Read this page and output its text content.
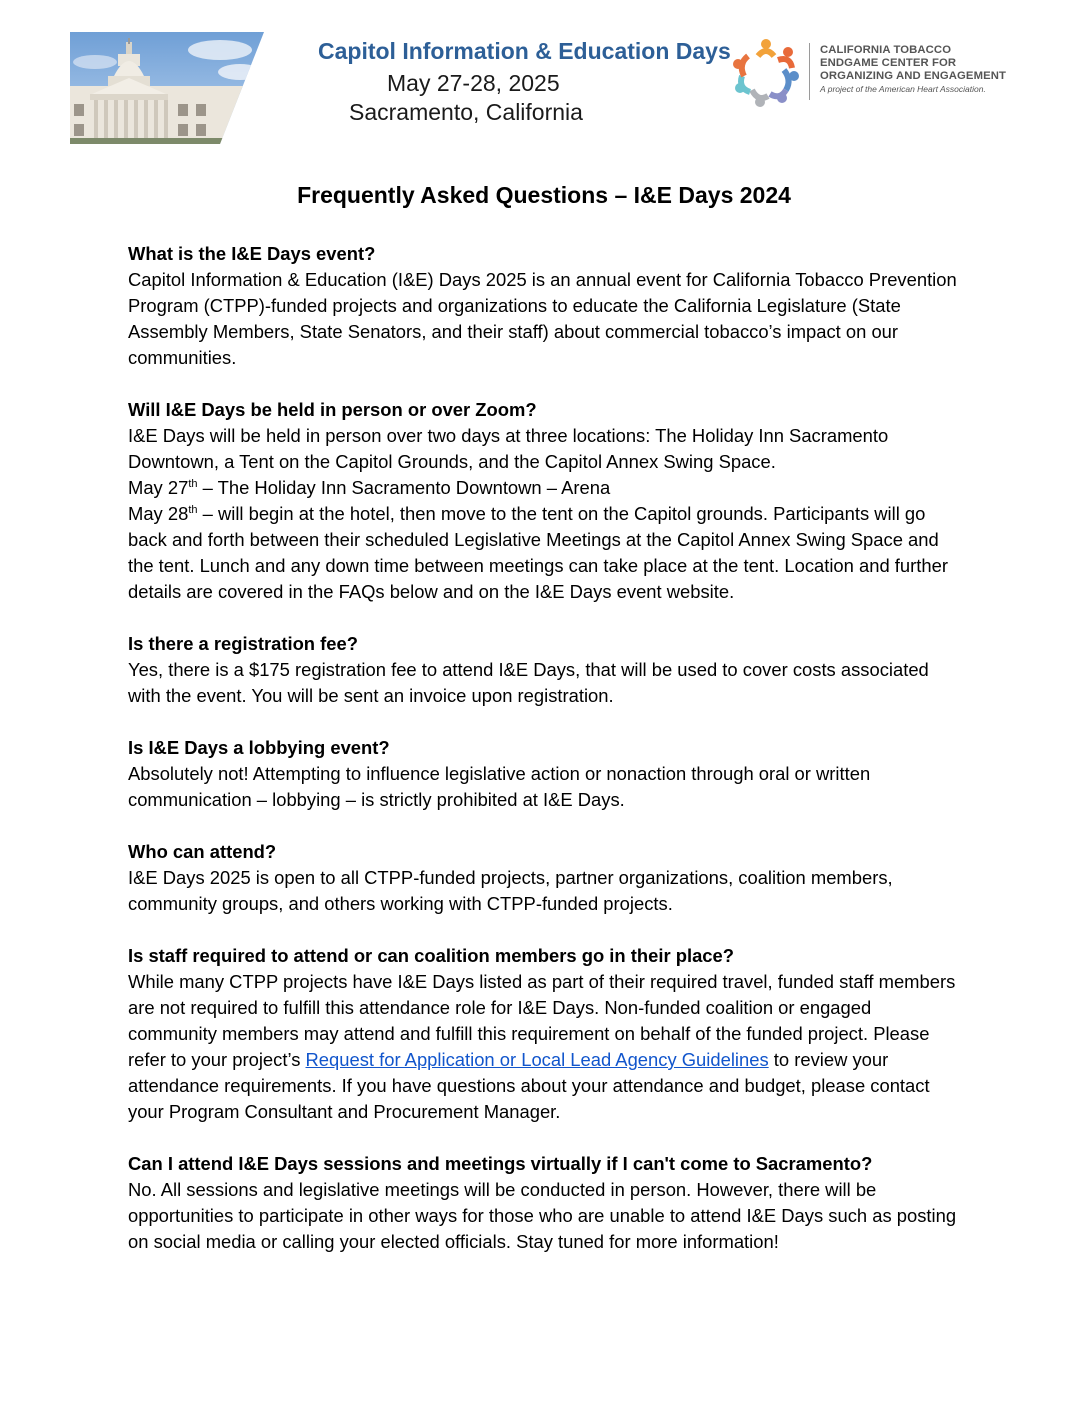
Capitol Information & Education Days
May 27-28, 2025
Sacramento, California
CALIFORNIA TOBACCO
ENDGAME CENTER FOR
ORGANIZING AND ENGAGEMENT
A project of the American Heart Association.
Frequently Asked Questions – I&E Days 2024
What is the I&E Days event?

Capitol Information & Education (I&E) Days 2025 is an annual event for California Tobacco Prevention Program (CTPP)-funded projects and organizations to educate the California Legislature (State Assembly Members, State Senators, and their staff) about commercial tobacco’s impact on our communities.

Will I&E Days be held in person or over Zoom?

I&E Days will be held in person over two days at three locations: The Holiday Inn Sacramento Downtown, a Tent on the Capitol Grounds, and the Capitol Annex Swing Space.

May 27th – The Holiday Inn Sacramento Downtown – Arena

May 28th – will begin at the hotel, then move to the tent on the Capitol grounds. Participants will go back and forth between their scheduled Legislative Meetings at the Capitol Annex Swing Space and the tent. Lunch and any down time between meetings can take place at the tent. Location and further details are covered in the FAQs below and on the I&E Days event website.

Is there a registration fee?

Yes, there is a $175 registration fee to attend I&E Days, that will be used to cover costs associated with the event. You will be sent an invoice upon registration.

Is I&E Days a lobbying event?

Absolutely not! Attempting to influence legislative action or nonaction through oral or written communication – lobbying – is strictly prohibited at I&E Days.

Who can attend?

I&E Days 2025 is open to all CTPP-funded projects, partner organizations, coalition members, community groups, and others working with CTPP-funded projects.

Is staff required to attend or can coalition members go in their place?

While many CTPP projects have I&E Days listed as part of their required travel, funded staff members are not required to fulfill this attendance role for I&E Days. Non-funded coalition or engaged community members may attend and fulfill this requirement on behalf of the funded project. Please refer to your project’s Request for Application or Local Lead Agency Guidelines to review your attendance requirements. If you have questions about your attendance and budget, please contact your Program Consultant and Procurement Manager.

Can I attend I&E Days sessions and meetings virtually if I can't come to Sacramento?

No. All sessions and legislative meetings will be conducted in person. However, there will be opportunities to participate in other ways for those who are unable to attend I&E Days such as posting on social media or calling your elected officials. Stay tuned for more information!
